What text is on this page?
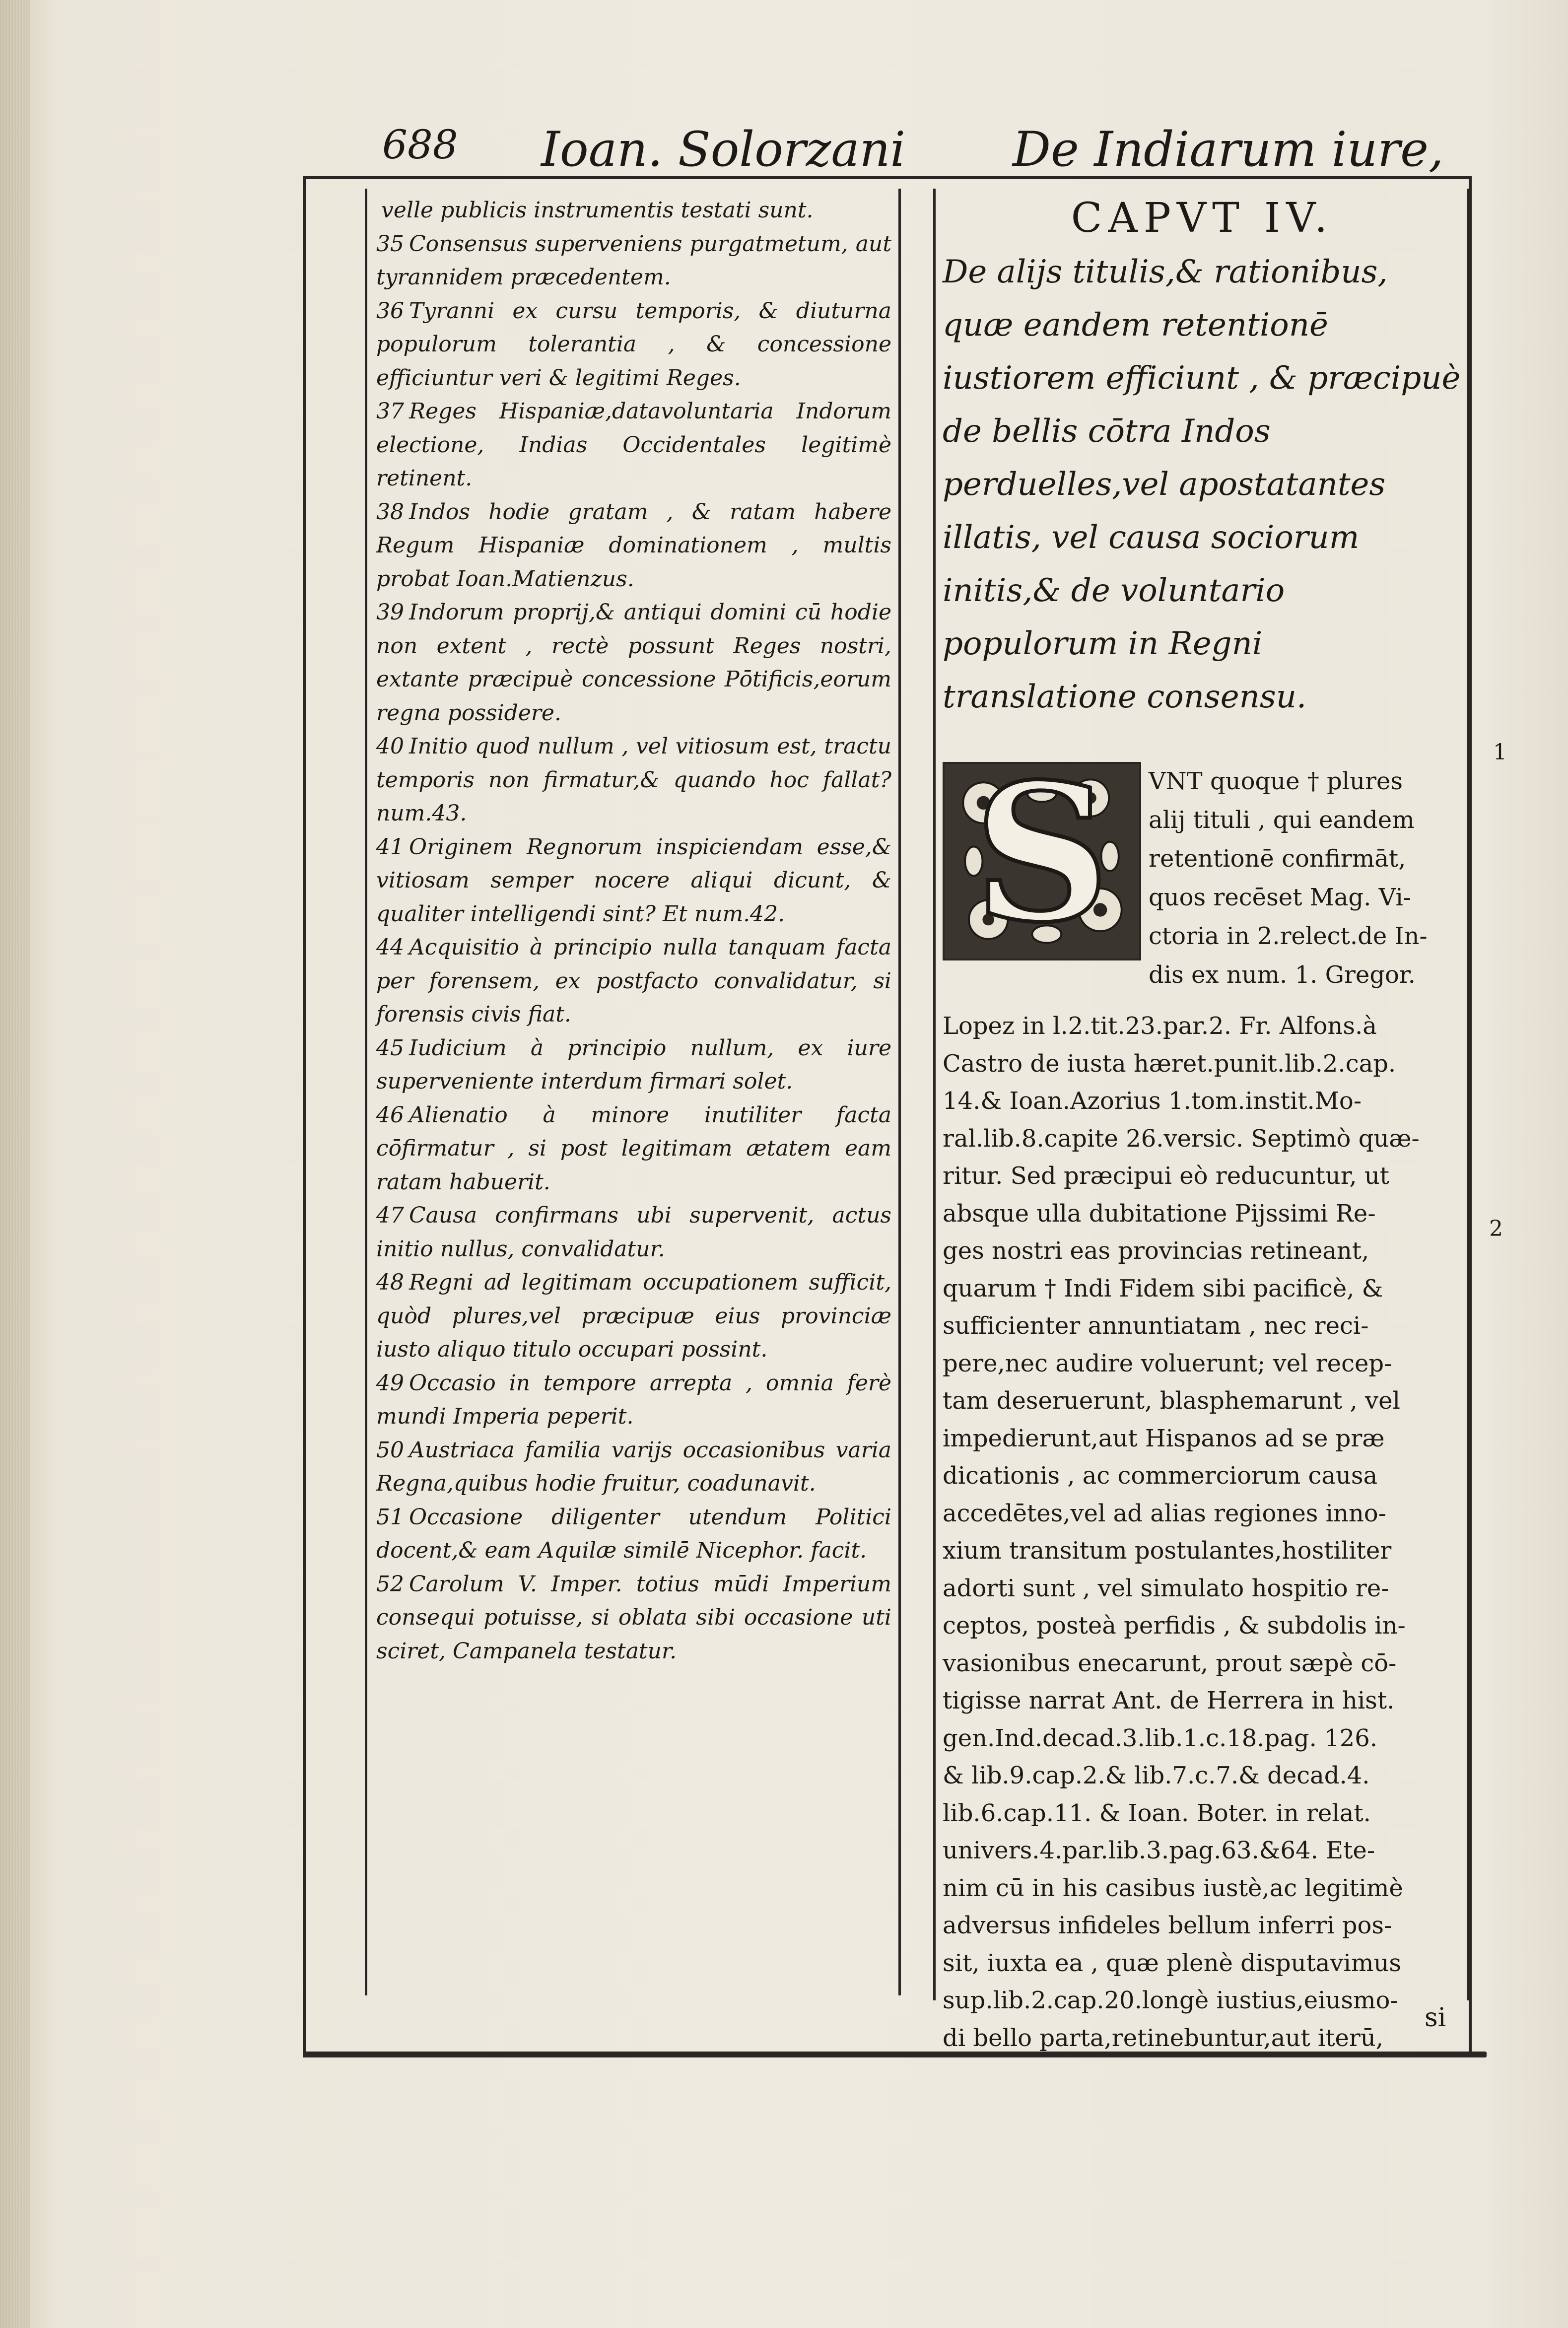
688 Ioan. Solorzani De Indiarum iure,
velle publicis instrumentis testati sunt.
35 Consensus superveniens purgatmetum, aut tyrannidem præcedentem.
36 Tyranni ex cursu temporis, & diuturna populorum tolerantia , & concessione efficiuntur veri & legitimi Reges.
37 Reges Hispaniæ,datavoluntaria Indorum electione, Indias Occidentales legitimè retinent.
38 Indos hodie gratam , & ratam habere Regum Hispaniæ dominationem , multis probat Ioan.Matienzus.
39 Indorum proprij,& antiqui domini cū hodie non extent , rectè possunt Reges nostri, extante præcipuè concessione Pōtificis,eorum regna possidere.
40 Initio quod nullum , vel vitiosum est, tractu temporis non firmatur,& quando hoc fallat? num.43.
41 Originem Regnorum inspiciendam esse,& vitiosam semper nocere aliqui dicunt, & qualiter intelligendi sint? Et num.42.
44 Acquisitio à principio nulla tanquam facta per forensem, ex postfacto convalidatur, si forensis civis fiat.
45 Iudicium à principio nullum, ex iure superveniente interdum firmari solet.
46 Alienatio à minore inutiliter facta cōfirmatur , si post legitimam ætatem eam ratam habuerit.
47 Causa confirmans ubi supervenit, actus initio nullus, convalidatur.
48 Regni ad legitimam occupationem sufficit, quòd plures,vel præcipuæ eius provinciæ iusto aliquo titulo occupari possint.
49 Occasio in tempore arrepta , omnia ferè mundi Imperia peperit.
50 Austriaca familia varijs occasionibus varia Regna,quibus hodie fruitur, coadunavit.
51 Occasione diligenter utendum Politici docent,& eam Aquilæ similē Nicephor. facit.
52 Carolum V. Imper. totius mūdi Imperium consequi potuisse, si oblata sibi occasione uti sciret, Campanela testatur.
CAPVT IV.
De alijs titulis,& rationibus, quæ eandem retentionē iustiorem efficiunt , & præcipuè de bellis cōtra Indos perduelles,vel apostatantes illatis, vel causa sociorum initis,& de voluntario populorum in Regni translatione consensu.
S	VNT quoque † plures
alij tituli , qui eandem
retentionē confirmāt,
quos recēset Mag. Vi-
ctoria in 2.relect.de In-
dis ex num. 1. Gregor.
Lopez in l.2.tit.23.par.2. Fr. Alfons.à
Castro de iusta hæret.punit.lib.2.cap.
14.& Ioan.Azorius 1.tom.instit.Mo-
ral.lib.8.capite 26.versic. Septimò quæ-
ritur. Sed præcipui eò reducuntur, ut
absque ulla dubitatione Pijssimi Re-
ges nostri eas provincias retineant,
quarum † Indi Fidem sibi pacificè, &
sufficienter annuntiatam , nec reci-
pere,nec audire voluerunt; vel recep-
tam deseruerunt, blasphemarunt , vel
impedierunt,aut Hispanos ad se præ
dicationis , ac commerciorum causa
accedētes,vel ad alias regiones inno-
xium transitum postulantes,hostiliter
adorti sunt , vel simulato hospitio re-
ceptos, posteà perfidis , & subdolis in-
vasionibus enecarunt, prout sæpè cō-
tigisse narrat Ant. de Herrera in hist.
gen.Ind.decad.3.lib.1.c.18.pag. 126.
& lib.9.cap.2.& lib.7.c.7.& decad.4.
lib.6.cap.11. & Ioan. Boter. in relat.
univers.4.par.lib.3.pag.63.&64. Ete-
nim cū in his casibus iustè,ac legitimè
adversus infideles bellum inferri pos-
sit, iuxta ea , quæ plenè disputavimus
sup.lib.2.cap.20.longè iustius,eiusmo-
di bello parta,retinebuntur,aut iterū,
1
2
si
